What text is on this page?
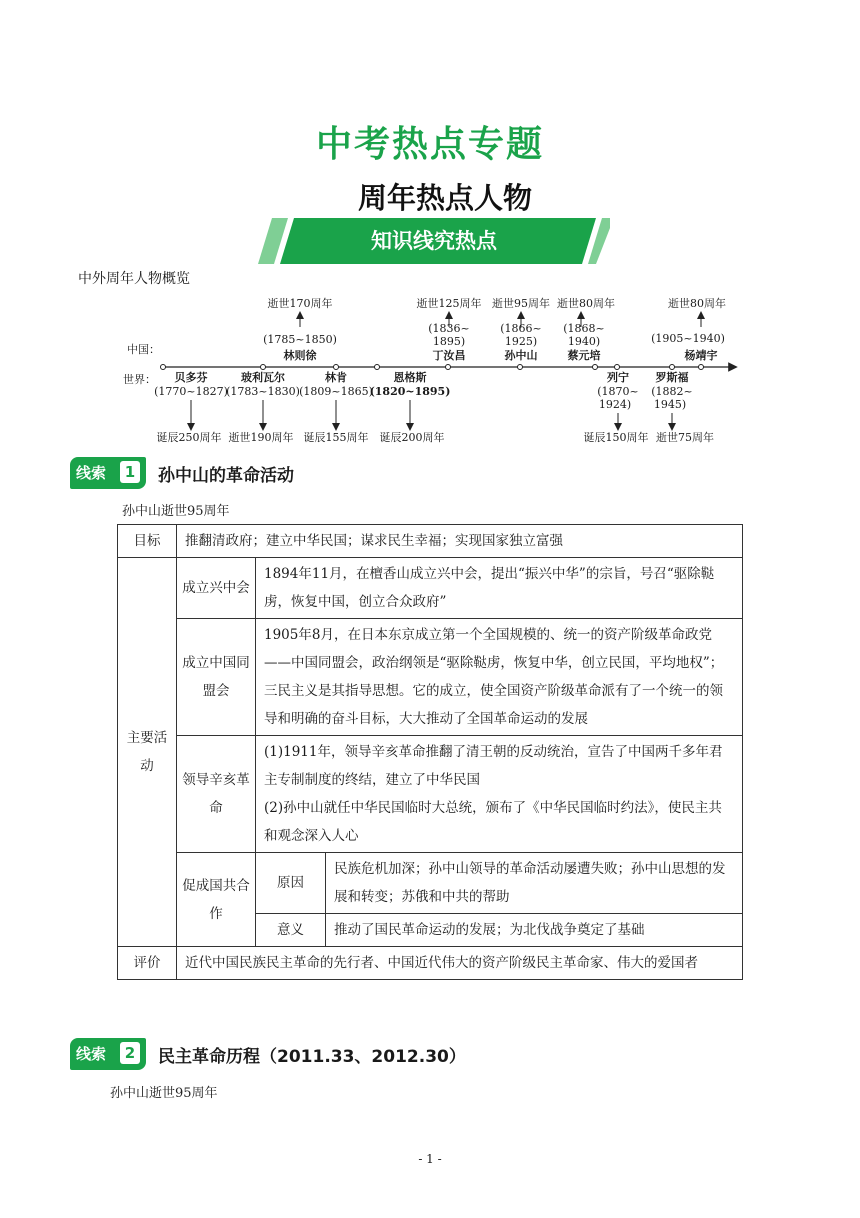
中考热点专题
周年热点人物
知识线究热点
中外周年人物概览
中国：
世界：
逝世170周年
(1785~1850)
林则徐
逝世125周年
(1836~
1895)
丁汝昌
逝世95周年
(1866~
1925)
孙中山
逝世80周年
(1868~
1940)
蔡元培
逝世80周年
(1905~1940)
杨靖宇
贝多芬
(1770~1827)
诞辰250周年
玻利瓦尔
(1783~1830)
逝世190周年
林肯
(1809~1865)
诞辰155周年
恩格斯
(1820~1895)
诞辰200周年
列宁
(1870~
1924)
诞辰150周年
罗斯福
(1882~
1945)
逝世75周年
线索	1 孙中山的革命活动
孙中山逝世95周年
目标	推翻清政府；建立中华民国；谋求民生幸福；实现国家独立富强		
主要活动	成立兴中会	1894年11月，在檀香山成立兴中会，提出“振兴中华”的宗旨，号召“驱除鞑虏，恢复中国，创立合众政府”	
	成立中国同盟会	1905年8月，在日本东京成立第一个全国规模的、统一的资产阶级革命政党——中国同盟会，政治纲领是“驱除鞑虏，恢复中华，创立民国，平均地权”；三民主义是其指导思想。它的成立，使全国资产阶级革命派有了一个统一的领导和明确的奋斗目标，大大推动了全国革命运动的发展	
	领导辛亥革命	(1)1911年，领导辛亥革命推翻了清王朝的反动统治，宣告了中国两千多年君主专制制度的终结，建立了中华民国
(2)孙中山就任中华民国临时大总统，颁布了《中华民国临时约法》，使民主共和观念深入人心	

	促成国共合作	原因	民族危机加深；孙中山领导的革命活动屡遭失败；孙中山思想的发展和转变；苏俄和中共的帮助
		意义	推动了国民革命运动的发展；为北伐战争奠定了基础
评价	近代中国民族民主革命的先行者、中国近代伟大的资产阶级民主革命家、伟大的爱国者		
线索	2 民主革命历程（2011.33、2012.30）
孙中山逝世95周年
- 1 -
